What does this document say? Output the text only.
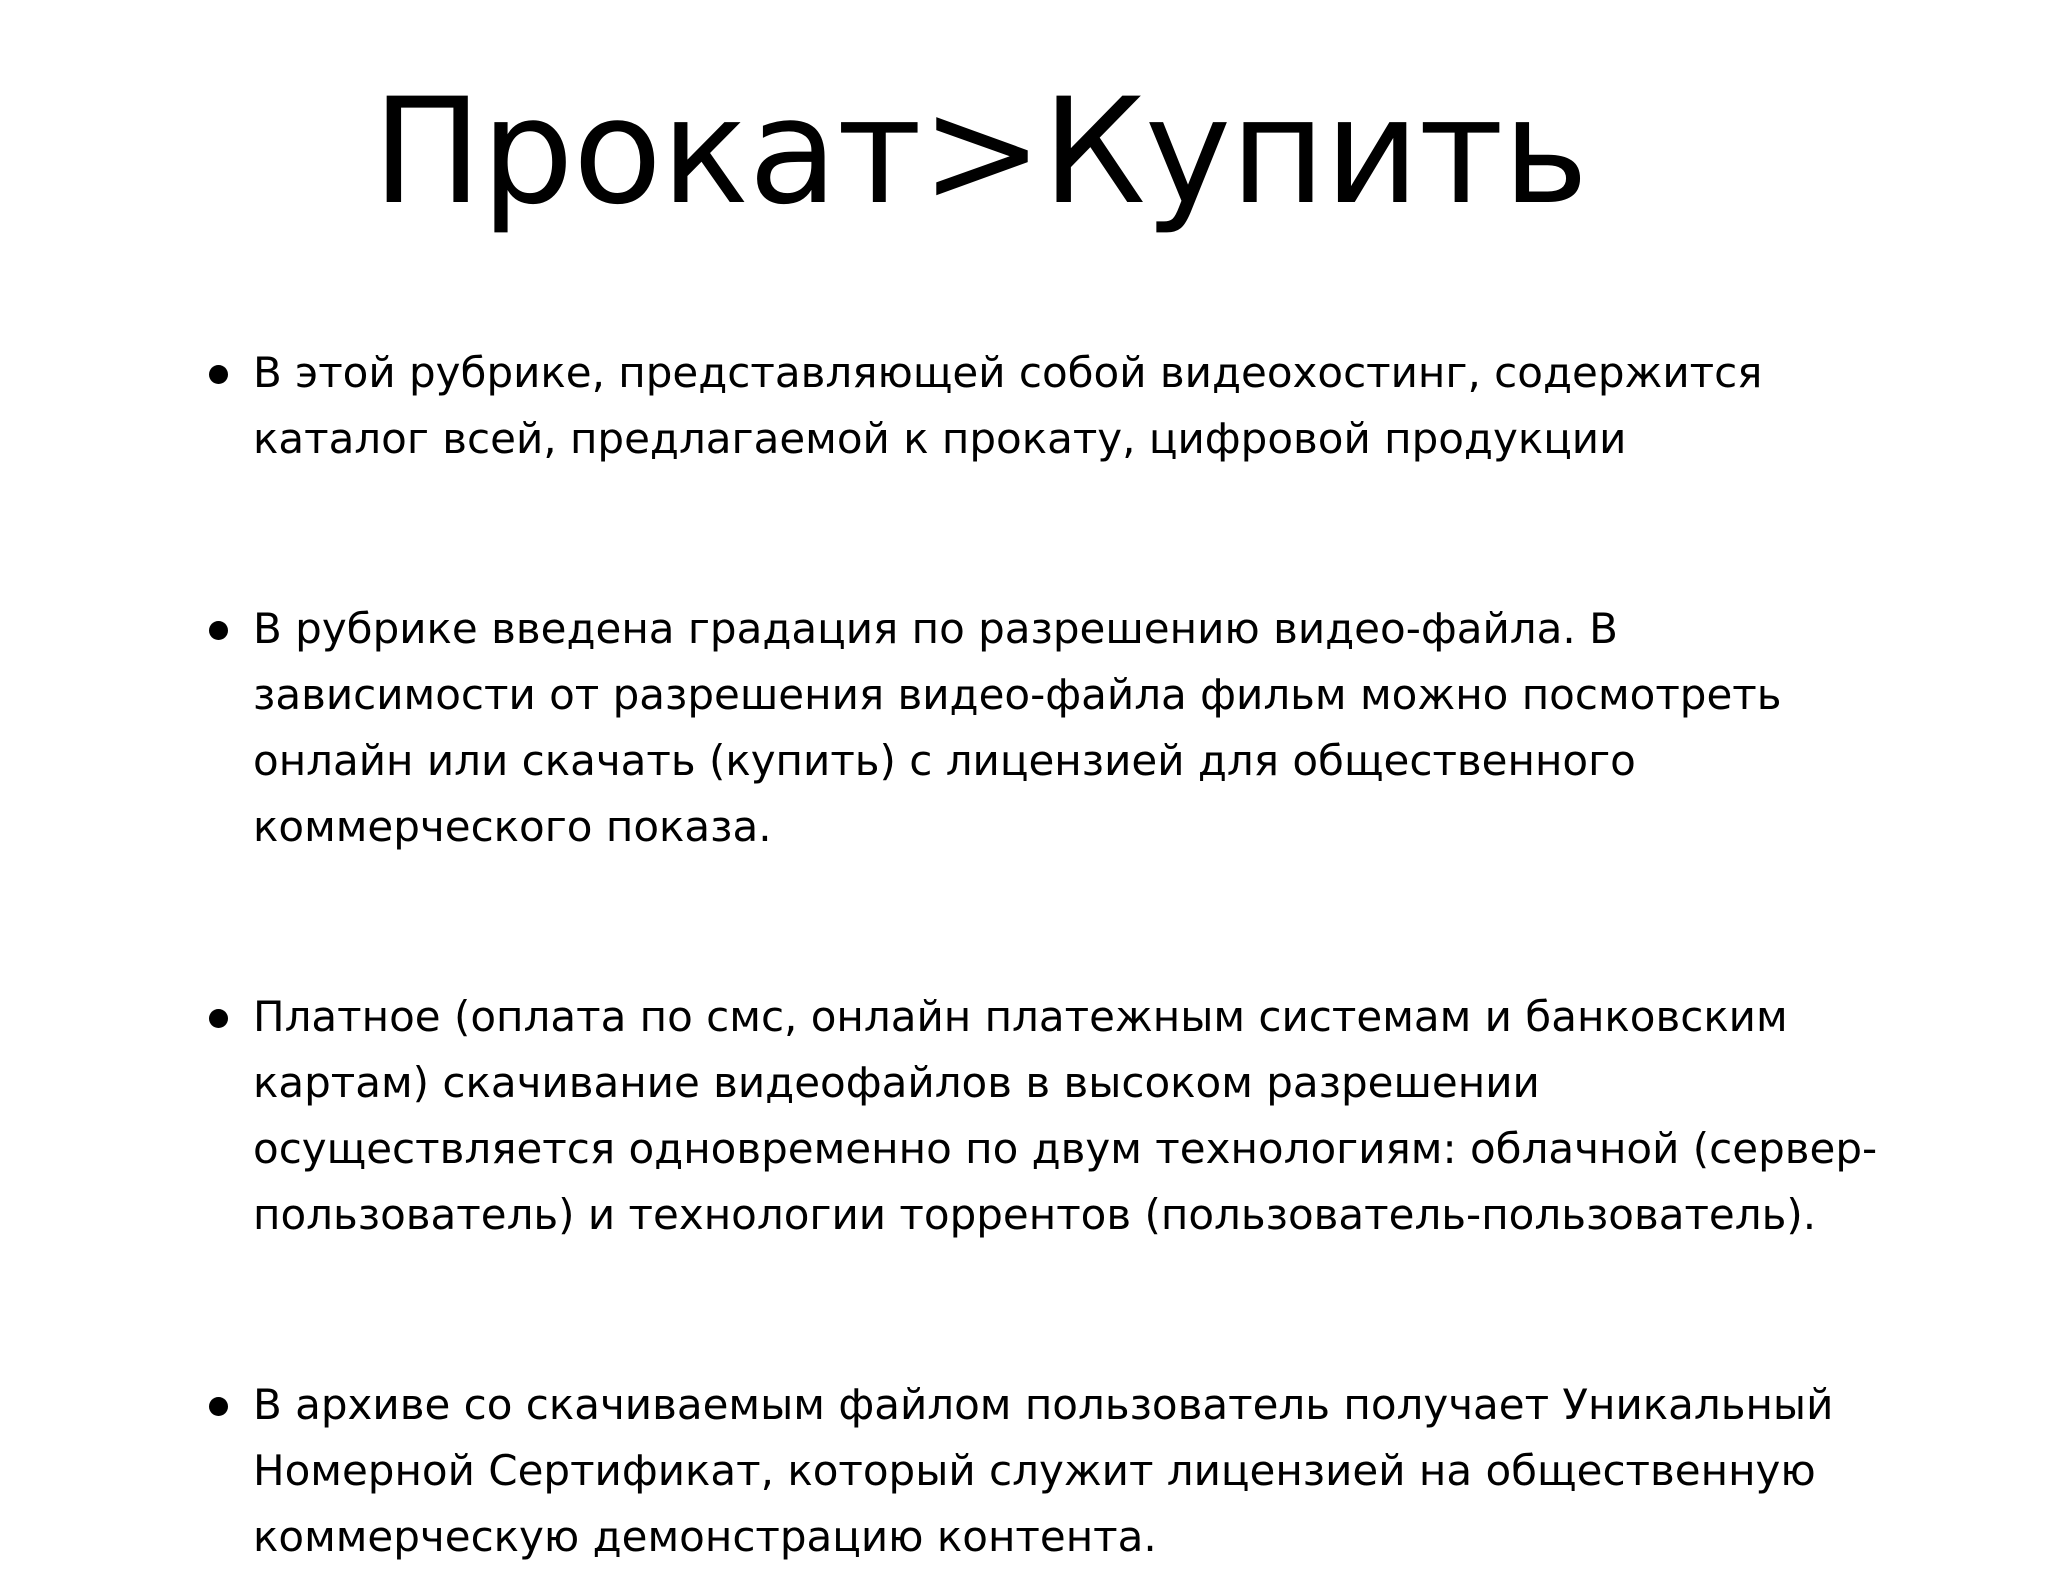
Прокат>Купить
В этой рубрике, представляющей собой видеохостинг, содержится каталог всей, предлагаемой к прокату, цифровой продукции
В рубрике введена градация по разрешению видео-файла. В зависимости от разрешения видео-файла фильм можно посмотреть онлайн или скачать (купить) с лицензией для общественного коммерческого показа.
Платное (оплата по смс, онлайн платежным системам и банковским картам) скачивание видеофайлов в высоком разрешении осуществляется одновременно по двум технологиям: облачной (сервер-пользователь) и технологии торрентов (пользователь-пользователь).
В архиве со скачиваемым файлом пользователь получает Уникальный Номерной Сертификат, который служит лицензией на общественную коммерческую демонстрацию контента.
